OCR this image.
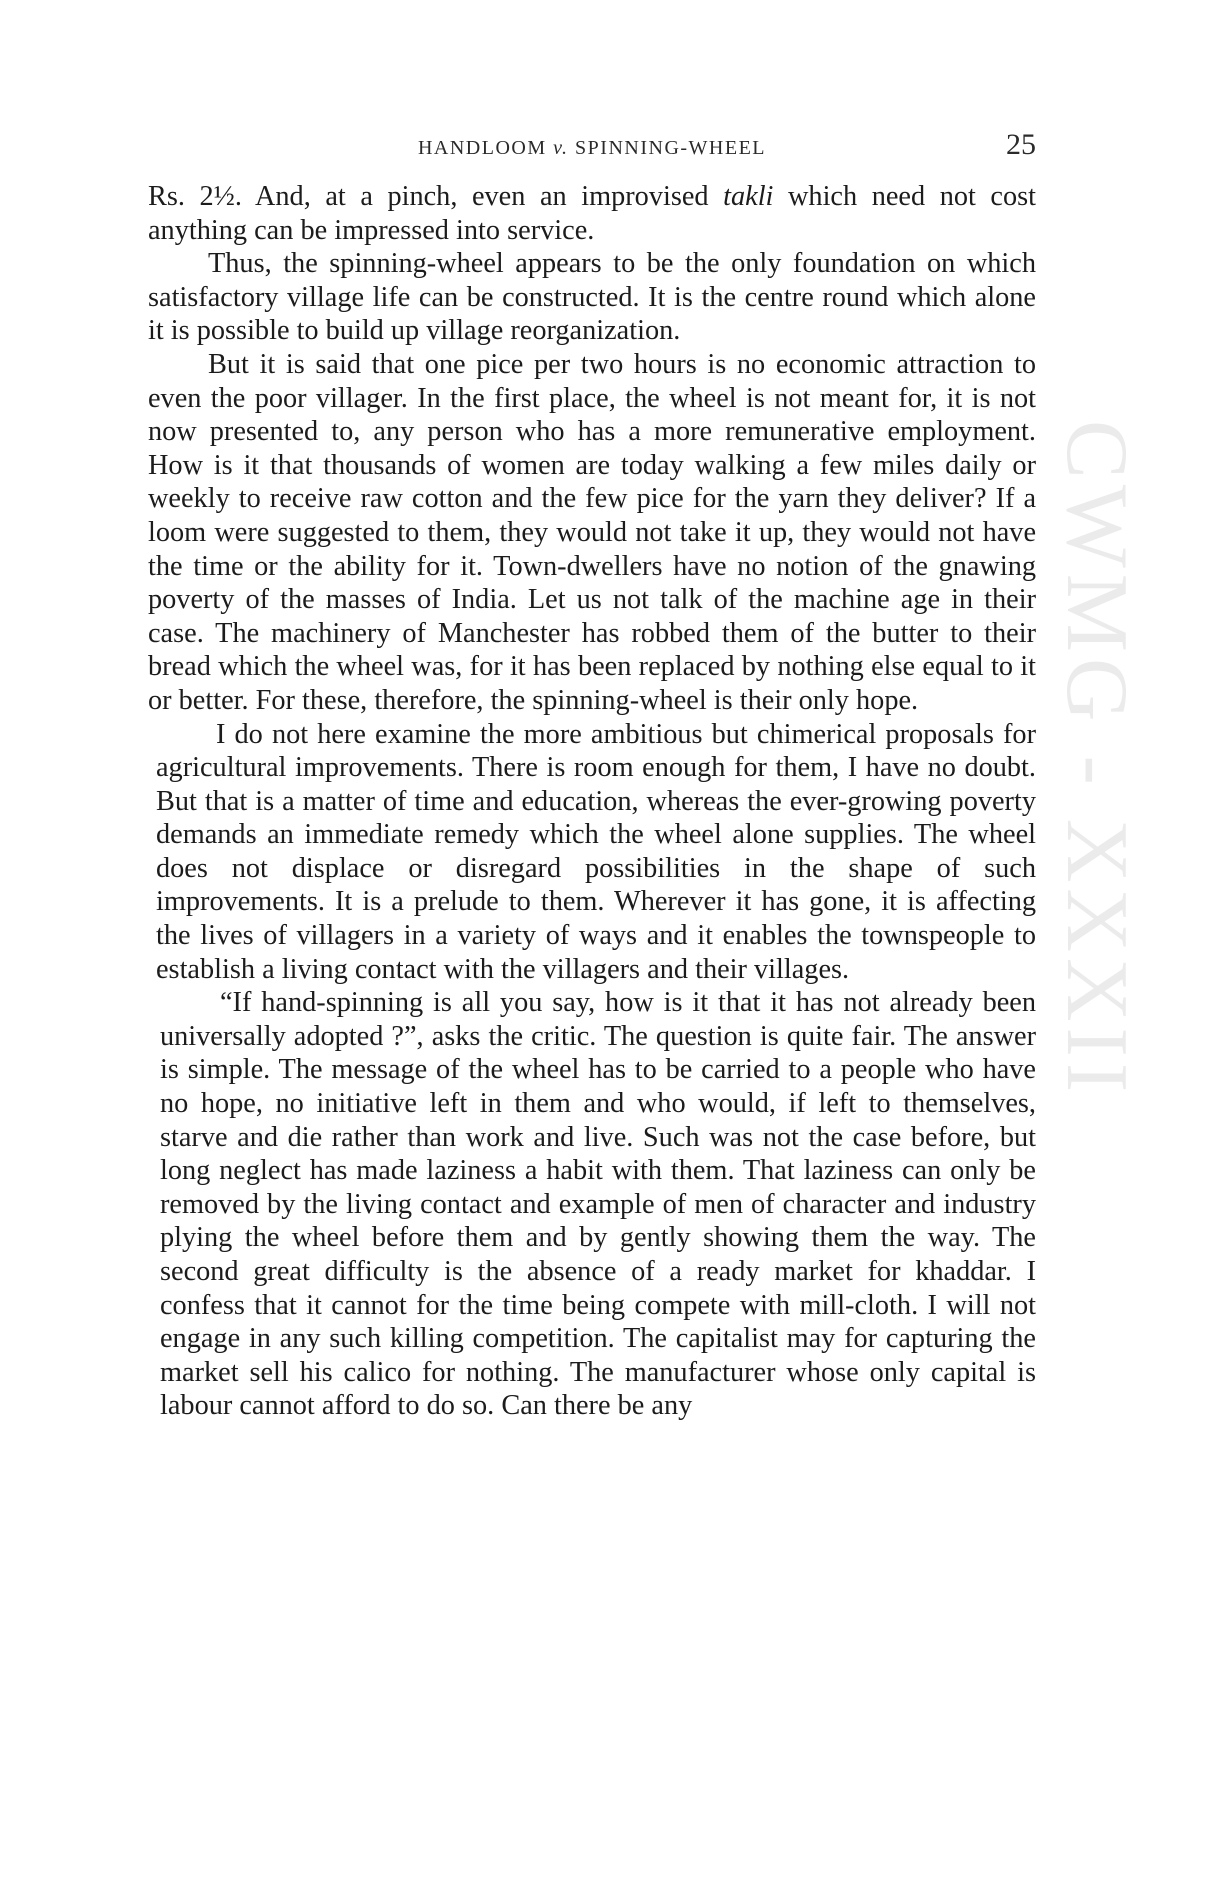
CWMG - XXXII
HANDLOOM v. SPINNING-WHEEL	25

Rs. 2½. And, at a pinch, even an improvised takli which need not cost anything can be impressed into service.

Thus, the spinning-wheel appears to be the only foundation on which satisfactory village life can be constructed. It is the centre round which alone it is possible to build up village reorganization.

But it is said that one pice per two hours is no economic attraction to even the poor villager. In the first place, the wheel is not meant for, it is not now presented to, any person who has a more remunerative employment. How is it that thousands of women are today walking a few miles daily or weekly to receive raw cotton and the few pice for the yarn they deliver? If a loom were suggested to them, they would not take it up, they would not have the time or the ability for it. Town-dwellers have no notion of the gnawing poverty of the masses of India. Let us not talk of the machine age in their case. The machinery of Manchester has robbed them of the butter to their bread which the wheel was, for it has been replaced by nothing else equal to it or better. For these, therefore, the spinning-wheel is their only hope.

I do not here examine the more ambitious but chimerical proposals for agricultural improvements. There is room enough for them, I have no doubt. But that is a matter of time and education, whereas the ever-growing poverty demands an immediate remedy which the wheel alone supplies. The wheel does not displace or disregard possibilities in the shape of such improvements. It is a prelude to them. Wherever it has gone, it is affecting the lives of villagers in a variety of ways and it enables the townspeople to establish a living contact with the villagers and their villages.

“If hand-spinning is all you say, how is it that it has not already been universally adopted ?”, asks the critic. The question is quite fair. The answer is simple. The message of the wheel has to be carried to a people who have no hope, no initiative left in them and who would, if left to themselves, starve and die rather than work and live. Such was not the case before, but long neglect has made laziness a habit with them. That laziness can only be removed by the living contact and example of men of character and industry plying the wheel before them and by gently showing them the way. The second great difficulty is the absence of a ready market for khaddar. I confess that it cannot for the time being compete with mill-cloth. I will not engage in any such killing competition. The capitalist may for capturing the market sell his calico for nothing. The manufacturer whose only capital is labour cannot afford to do so. Can there be any
